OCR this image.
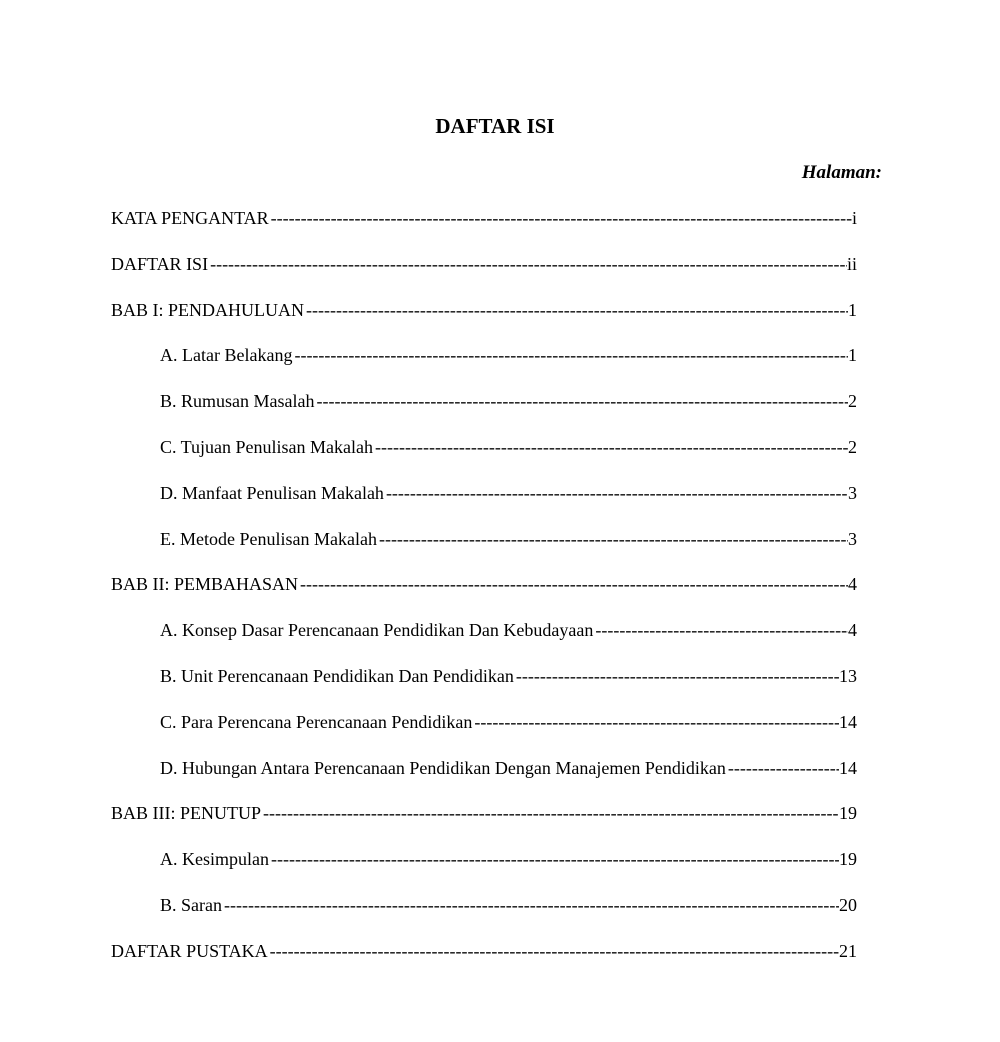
DAFTAR ISI
Halaman:
KATA PENGANTAR -----	i
DAFTAR ISI -----	ii
BAB I: PENDAHULUAN -----	1
A. Latar Belakang -----	1
B. Rumusan Masalah -----	2
C. Tujuan Penulisan Makalah -----	2
D. Manfaat Penulisan Makalah -----	3
E. Metode Penulisan Makalah -----	3
BAB II: PEMBAHASAN -----	4
A. Konsep Dasar Perencanaan Pendidikan Dan Kebudayaan -----	4
B. Unit Perencanaan Pendidikan Dan Pendidikan -----	13
C. Para Perencana Perencanaan Pendidikan -----	14
D. Hubungan Antara Perencanaan Pendidikan Dengan Manajemen Pendidikan -----	14
BAB III: PENUTUP -----	19
A. Kesimpulan -----	19
B. Saran -----	20
DAFTAR PUSTAKA -----	21
